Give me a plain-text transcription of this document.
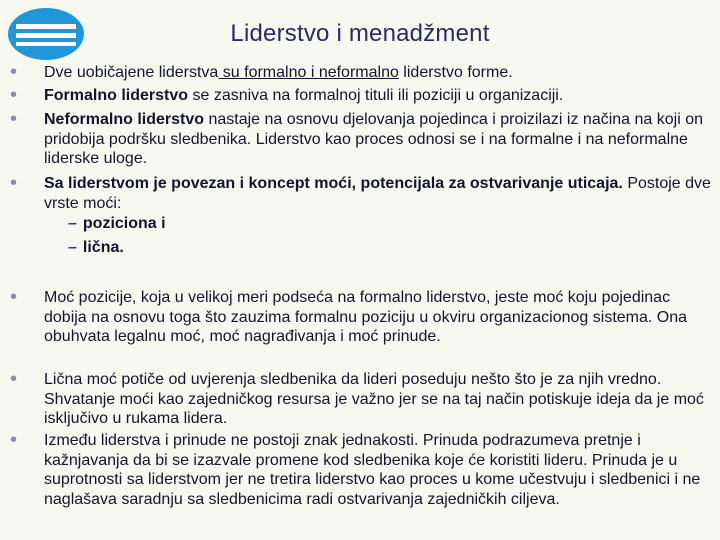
Liderstvo i menadžment
•	Dve uobičajene liderstva su formalno i neformalno liderstvo forme.
•	Formalno liderstvo se zasniva na formalnoj tituli ili poziciji u organizaciji.
•	Neformalno liderstvo nastaje na osnovu djelovanja pojedinca i proizilazi iz načina na koji on pridobija podršku sledbenika. Liderstvo kao proces odnosi se i na formalne i na neformalne liderske uloge.
•	Sa liderstvom je povezan i koncept moći, potencijala za ostvarivanje uticaja. Postoje dve vrste moći:
– poziciona i
– lična.
•	Moć pozicije, koja u velikoj meri podseća na formalno liderstvo, jeste moć koju pojedinac dobija na osnovu toga što zauzima formalnu poziciju u okviru organizacionog sistema. Ona obuhvata legalnu moć, moć nagrađivanja i moć prinude.
•	Lična moć potiče od uvjerenja sledbenika da lideri poseduju nešto što je za njih vredno. Shvatanje moći kao zajedničkog resursa je važno jer se na taj način potiskuje ideja da je moć isključivo u rukama lidera.
•	Između liderstva i prinude ne postoji znak jednakosti. Prinuda podrazumeva pretnje i kažnjavanja da bi se izazvale promene kod sledbenika koje će koristiti lideru. Prinuda je u suprotnosti sa liderstvom jer ne tretira liderstvo kao proces u kome učestvuju i sledbenici i ne naglašava saradnju sa sledbenicima radi ostvarivanja zajedničkih ciljeva.
